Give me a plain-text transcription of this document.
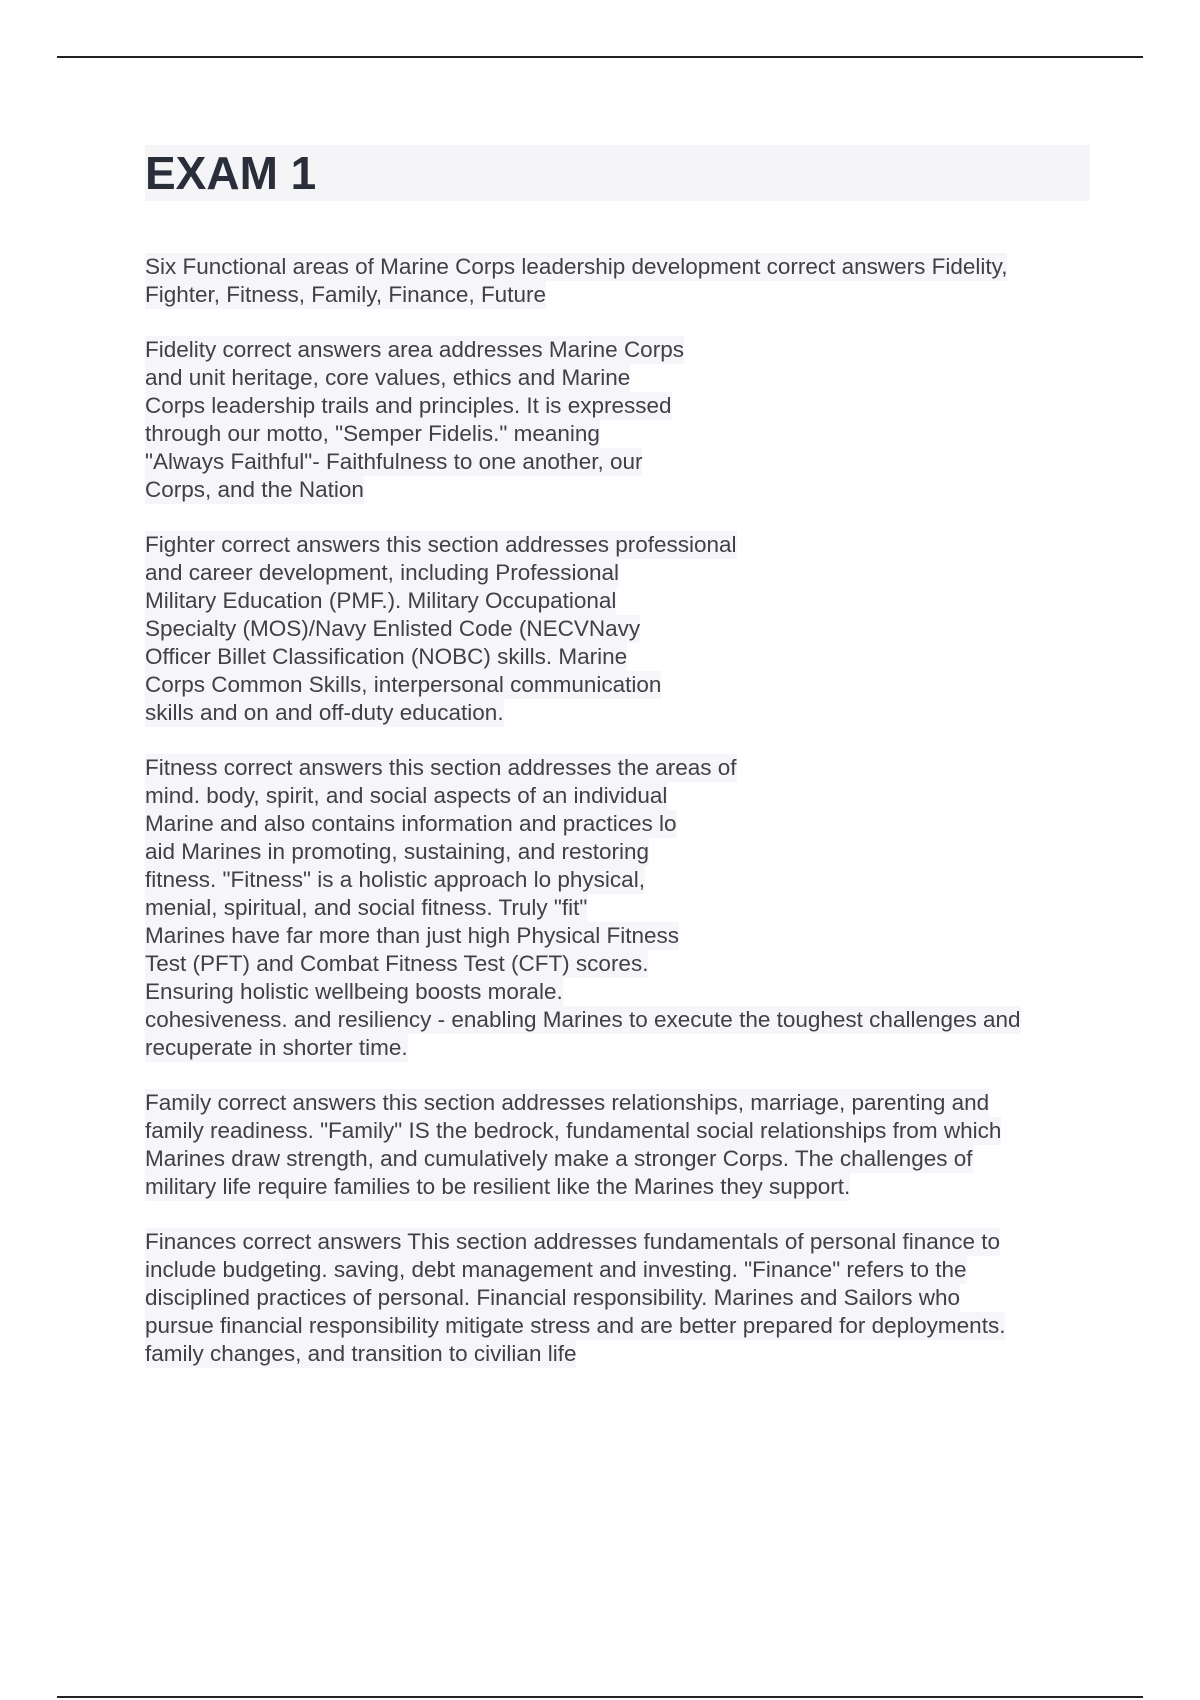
EXAM 1
Six Functional areas of Marine Corps leadership development correct answers Fidelity,
Fighter, Fitness, Family, Finance, Future
Fidelity correct answers area addresses Marine Corps
and unit heritage, core values, ethics and Marine
Corps leadership trails and principles. It is expressed
through our motto, "Semper Fidelis." meaning
"Always Faithful"- Faithfulness to one another, our
Corps, and the Nation
Fighter correct answers this section addresses professional
and career development, including Professional
Military Education (PMF.). Military Occupational
Specialty (MOS)/Navy Enlisted Code (NECVNavy
Officer Billet Classification (NOBC) skills. Marine
Corps Common Skills, interpersonal communication
skills and on and off-duty education.
Fitness correct answers this section addresses the areas of
mind. body, spirit, and social aspects of an individual
Marine and also contains information and practices lo
aid Marines in promoting, sustaining, and restoring
fitness. "Fitness" is a holistic approach lo physical,
menial, spiritual, and social fitness. Truly "fit"
Marines have far more than just high Physical Fitness
Test (PFT) and Combat Fitness Test (CFT) scores.
Ensuring holistic wellbeing boosts morale.
cohesiveness. and resiliency - enabling Marines to execute the toughest challenges and
recuperate in shorter time.
Family correct answers this section addresses relationships, marriage, parenting and
family readiness. "Family" IS the bedrock, fundamental social relationships from which
Marines draw strength, and cumulatively make a stronger Corps. The challenges of
military life require families to be resilient like the Marines they support.
Finances correct answers This section addresses fundamentals of personal finance to
include budgeting. saving, debt management and investing. "Finance" refers to the
disciplined practices of personal. Financial responsibility. Marines and Sailors who
pursue financial responsibility mitigate stress and are better prepared for deployments.
family changes, and transition to civilian life
